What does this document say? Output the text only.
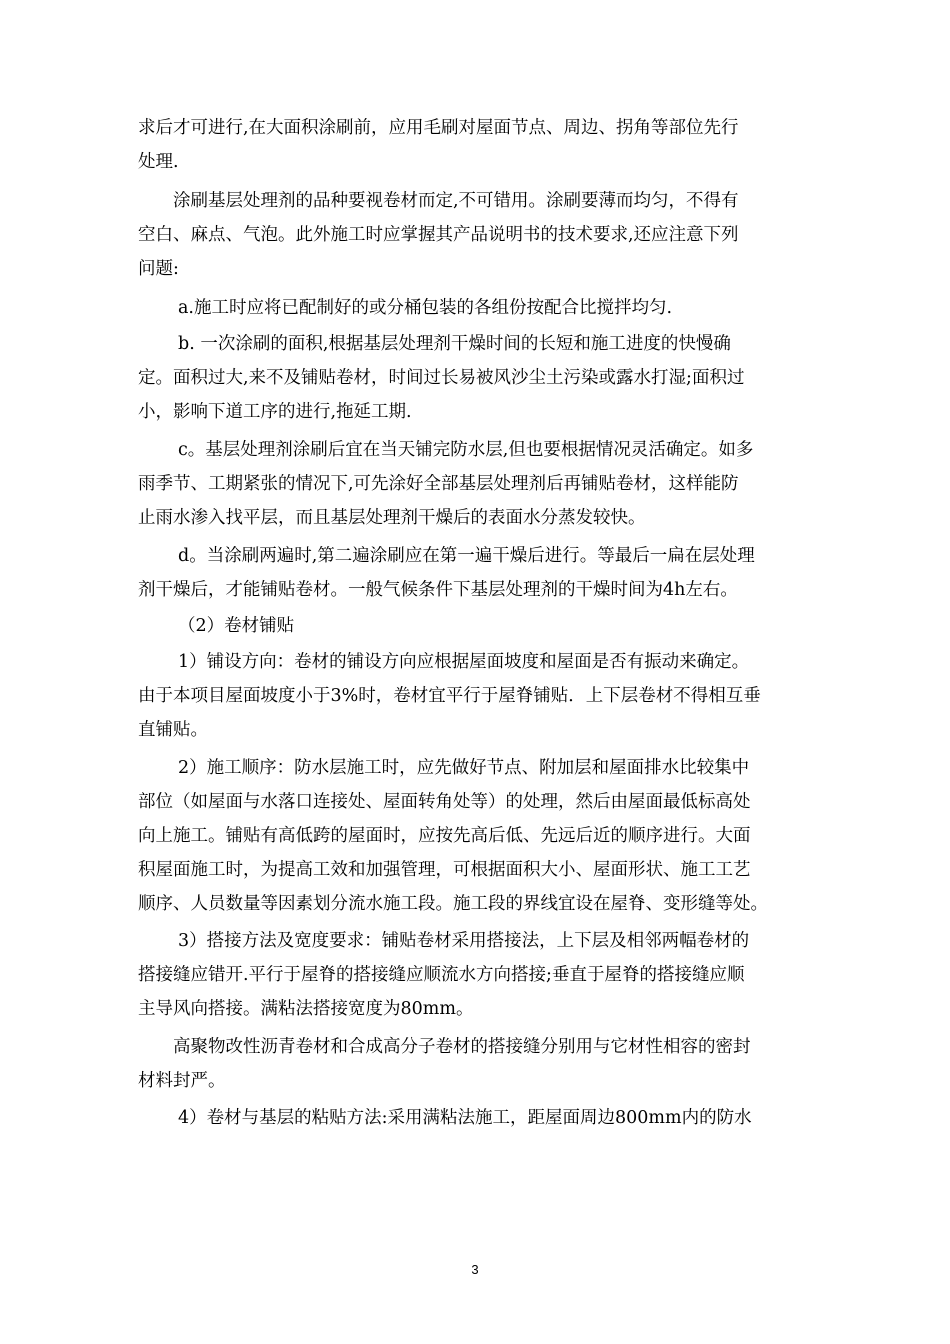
求后才可进行,在大面积涂刷前，应用毛刷对屋面节点、周边、拐角等部位先行
处理.
涂刷基层处理剂的品种要视卷材而定,不可错用。涂刷要薄而均匀，不得有
空白、麻点、气泡。此外施工时应掌握其产品说明书的技术要求,还应注意下列
问题:
a.施工时应将已配制好的或分桶包装的各组份按配合比搅拌均匀.
b. 一次涂刷的面积,根据基层处理剂干燥时间的长短和施工进度的快慢确
定。面积过大,来不及铺贴卷材，时间过长易被风沙尘土污染或露水打湿;面积过
小，影响下道工序的进行,拖延工期.
c。基层处理剂涂刷后宜在当天铺完防水层,但也要根据情况灵活确定。如多
雨季节、工期紧张的情况下,可先涂好全部基层处理剂后再铺贴卷材，这样能防
止雨水渗入找平层，而且基层处理剂干燥后的表面水分蒸发较快。
d。当涂刷两遍时,第二遍涂刷应在第一遍干燥后进行。等最后一扁在层处理
剂干燥后，才能铺贴卷材。一般气候条件下基层处理剂的干燥时间为4h左右。
（2）卷材铺贴
1）铺设方向：卷材的铺设方向应根据屋面坡度和屋面是否有振动来确定。
由于本项目屋面坡度小于3%时，卷材宜平行于屋脊铺贴．上下层卷材不得相互垂
直铺贴。
2）施工顺序：防水层施工时，应先做好节点、附加层和屋面排水比较集中
部位（如屋面与水落口连接处、屋面转角处等）的处理，然后由屋面最低标高处
向上施工。铺贴有高低跨的屋面时，应按先高后低、先远后近的顺序进行。大面
积屋面施工时，为提高工效和加强管理，可根据面积大小、屋面形状、施工工艺
顺序、人员数量等因素划分流水施工段。施工段的界线宜设在屋脊、变形缝等处。
3）搭接方法及宽度要求：铺贴卷材采用搭接法，上下层及相邻两幅卷材的
搭接缝应错开.平行于屋脊的搭接缝应顺流水方向搭接;垂直于屋脊的搭接缝应顺
主导风向搭接。满粘法搭接宽度为80mm。
高聚物改性沥青卷材和合成高分子卷材的搭接缝分别用与它材性相容的密封
材料封严。
4）卷材与基层的粘贴方法:采用满粘法施工，距屋面周边800mm内的防水
3
